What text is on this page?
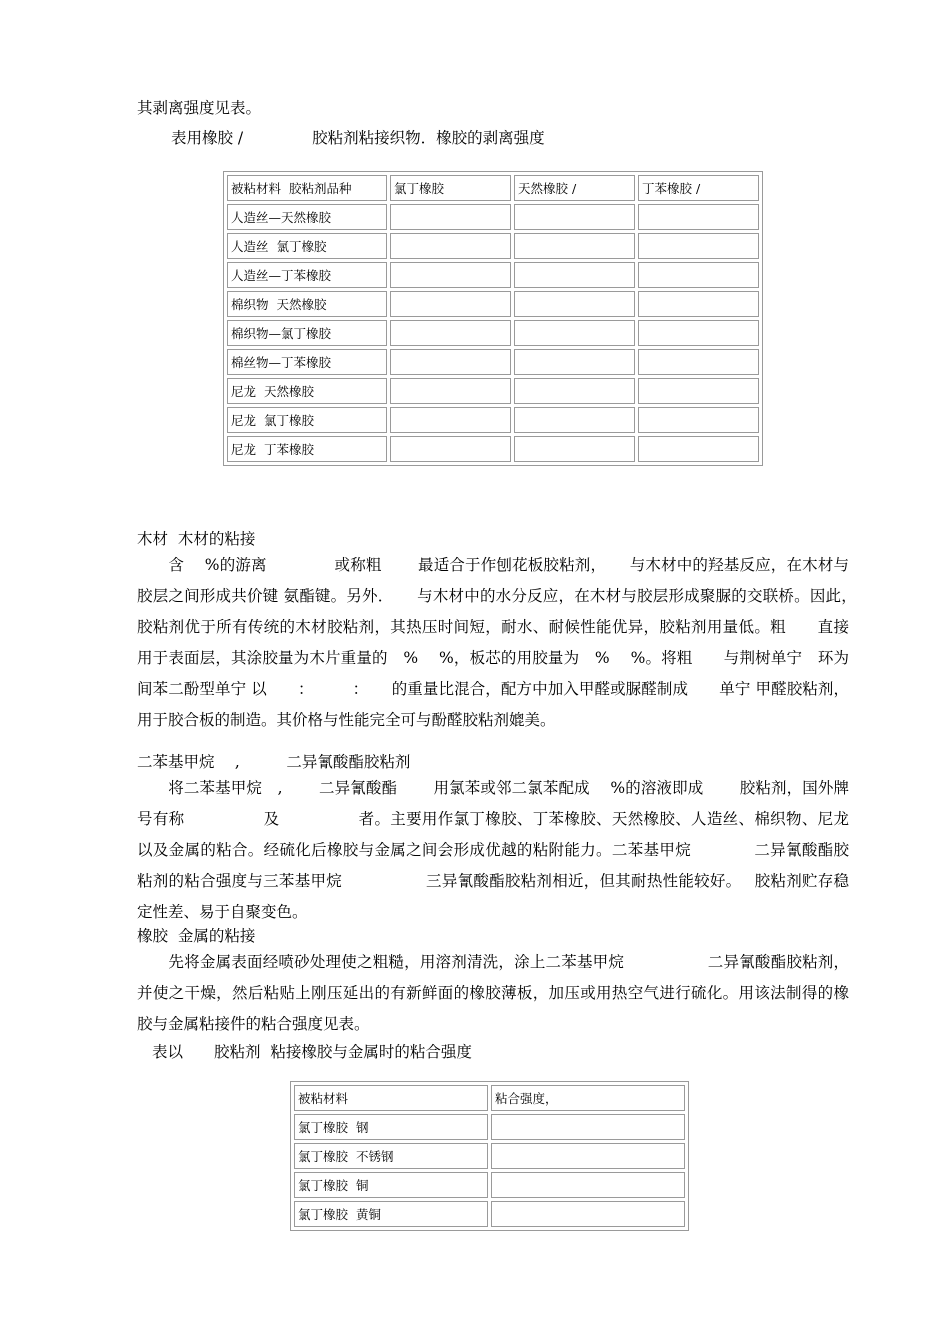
其剥离强度见表。
表用橡胶 /              胶粘剂粘接织物．橡胶的剥离强度
被粘材料  胶粘剂品种	氯丁橡胶	天然橡胶 /	丁苯橡胶 /
人造丝—天然橡胶			
人造丝  氯丁橡胶			
人造丝—丁苯橡胶			
棉织物  天然橡胶			
棉织物—氯丁橡胶			
棉丝物—丁苯橡胶			
尼龙  天然橡胶			
尼龙  氯丁橡胶			
尼龙  丁苯橡胶			
木材  木材的粘接
　　含　 %的游离　　　　 或称粗　　 最适合于作刨花板胶粘剂，　　与木材中的羟基反应，在木材与胶层之间形成共价键 氨酯键。另外．　　与木材中的水分反应，在木材与胶层形成聚脲的交联桥。因此，　　胶粘剂优于所有传统的木材胶粘剂，其热压时间短，耐水、耐候性能优异，胶粘剂用量低。粗　　直接用于表面层，其涂胶量为木片重量的　%　 %，板芯的用胶量为　%　 %。将粗　　与荆树单宁　环为间苯二酚型单宁 以　　：　　　：　　的重量比混合，配方中加入甲醛或脲醛制成　　单宁 甲醛胶粘剂，用于胶合板的制造。其价格与性能完全可与酚醛胶粘剂媲美。
二苯基甲烷　 ,　　　二异氰酸酯胶粘剂
　　将二苯基甲烷　,　　 二异氰酸酯　　 用氯苯或邻二氯苯配成　 %的溶液即成　　 胶粘剂，国外牌号有称　　　　　及　　　　　者。主要用作氯丁橡胶、丁苯橡胶、天然橡胶、人造丝、棉织物、尼龙以及金属的粘合。经硫化后橡胶与金属之间会形成优越的粘附能力。二苯基甲烷　　　　二异氰酸酯胶粘剂的粘合强度与三苯基甲烷　　　　　 三异氰酸酯胶粘剂相近，但其耐热性能较好。　 胶粘剂贮存稳定性差、易于自聚变色。
橡胶  金属的粘接
　　先将金属表面经喷砂处理使之粗糙，用溶剂清洗，涂上二苯基甲烷　　　　　 二异氰酸酯胶粘剂，并使之干燥，然后粘贴上刚压延出的有新鲜面的橡胶薄板，加压或用热空气进行硫化。用该法制得的橡胶与金属粘接件的粘合强度见表。
表以　　胶粘剂  粘接橡胶与金属时的粘合强度
被粘材料	粘合强度，
氯丁橡胶  钢	
氯丁橡胶  不锈钢	
氯丁橡胶  铜	
氯丁橡胶  黄铜	
